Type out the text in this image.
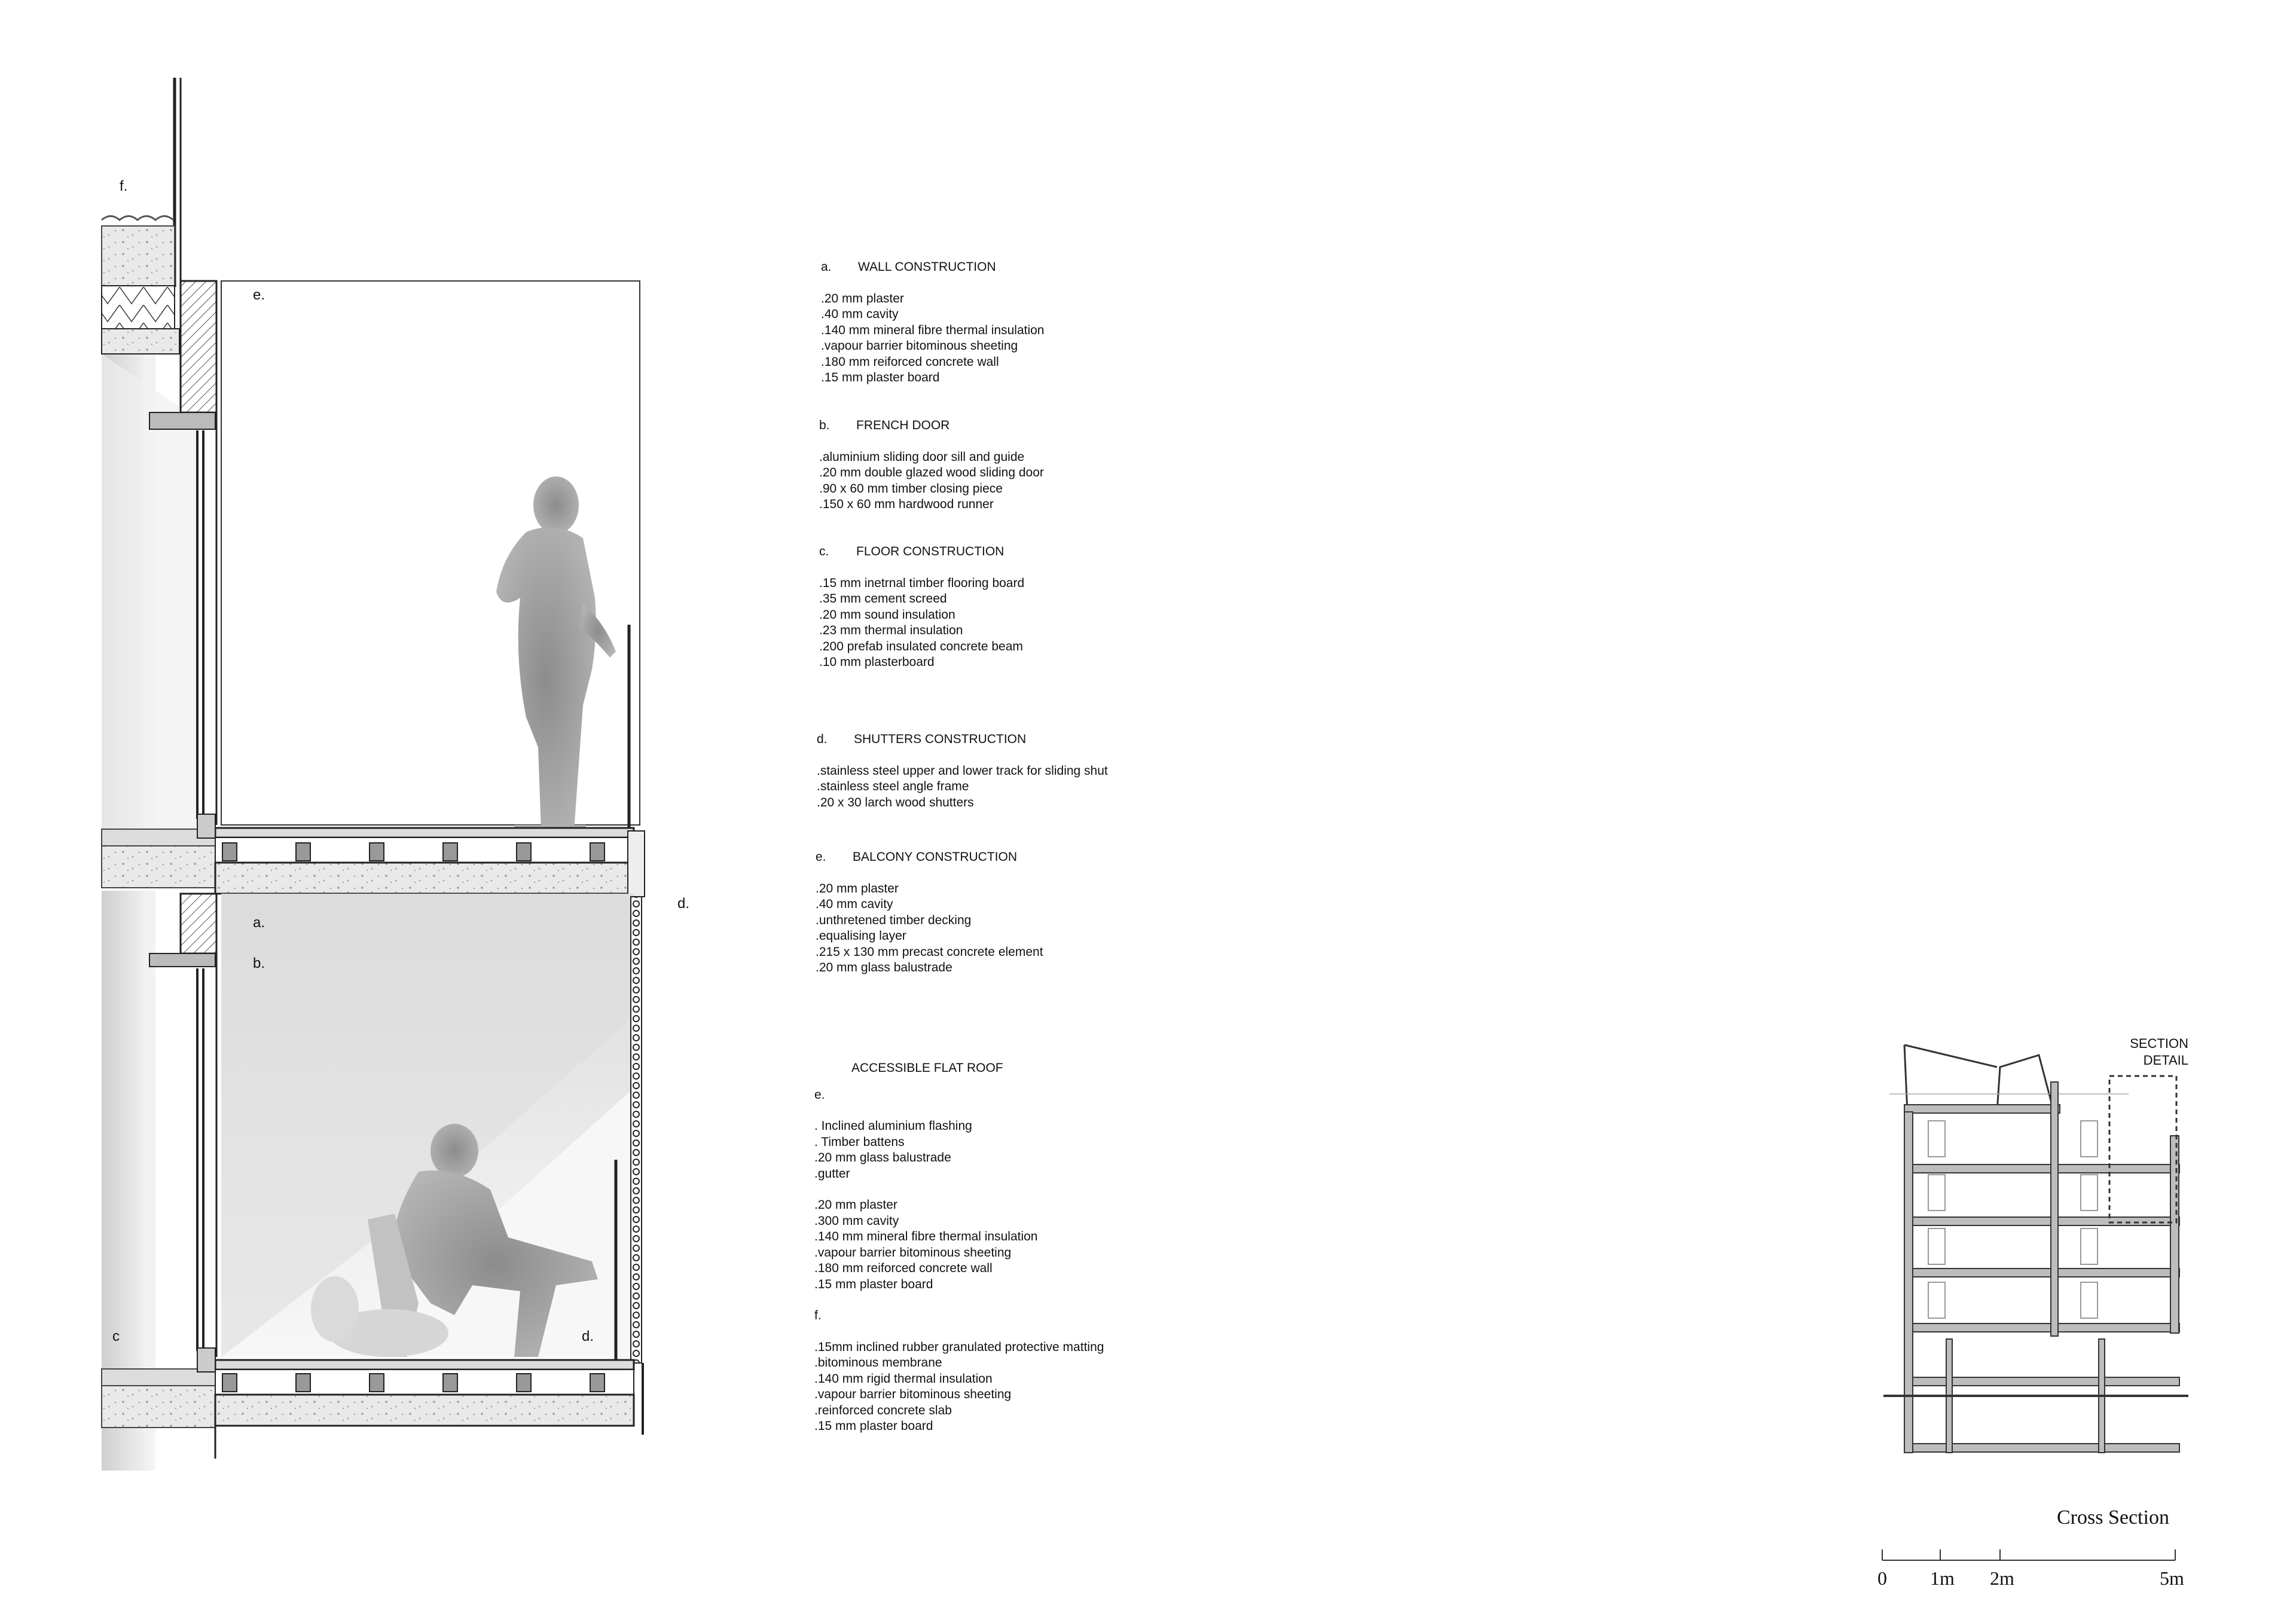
f.
e.
a.
b.
c
d.
d.
a.	WALL CONSTRUCTION
.20 mm plaster
.40 mm cavity
.140 mm mineral fibre thermal insulation
.vapour barrier bitominous sheeting
.180 mm reiforced concrete wall
.15 mm plaster board
b.	FRENCH DOOR
.aluminium sliding door sill and guide
.20 mm double glazed wood sliding door
.90 x 60 mm timber closing piece
.150 x 60 mm hardwood runner
c.	FLOOR CONSTRUCTION
.15 mm inetrnal timber flooring board
.35 mm cement screed
.20 mm sound insulation
.23 mm thermal insulation
.200 prefab insulated concrete beam
.10 mm plasterboard
d.	SHUTTERS CONSTRUCTION
.stainless steel upper and lower track for sliding shut
.stainless steel angle frame
.20 x 30 larch wood shutters
e.	BALCONY CONSTRUCTION
.20 mm plaster
.40 mm cavity
.unthretened timber decking
.equalising layer
.215 x 130 mm precast concrete element
.20 mm glass balustrade
ACCESSIBLE FLAT ROOF
e.
. Inclined aluminium flashing
. Timber battens
.20 mm glass balustrade
.gutter
.20 mm plaster
.300 mm cavity
.140 mm mineral fibre thermal insulation
.vapour barrier bitominous sheeting
.180 mm reiforced concrete wall
.15 mm plaster board
f.
.15mm inclined rubber granulated protective matting
.bitominous membrane
.140 mm rigid thermal insulation
.vapour barrier bitominous sheeting
.reinforced concrete slab
.15 mm plaster board
SECTION
DETAIL
Cross Section
0 1m 2m	5m
